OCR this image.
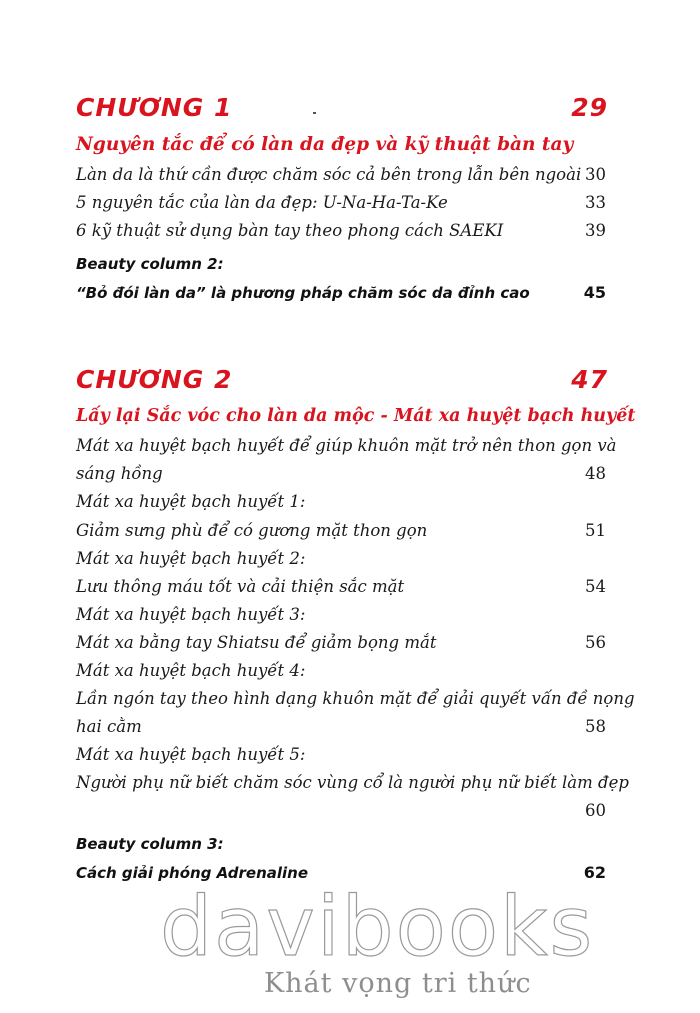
CHƯƠNG 1	29
Nguyên tắc để có làn da đẹp và kỹ thuật bàn tay
Làn da là thứ cần được chăm sóc cả bên trong lẫn bên ngoài 30
5 nguyên tắc của làn da đẹp: U-Na-Ha-Ta-Ke	33
6 kỹ thuật sử dụng bàn tay theo phong cách SAEKI	39
Beauty column 2:
“Bỏ đói làn da” là phương pháp chăm sóc da đỉnh cao	45
CHƯƠNG 2	47
Lấy lại Sắc vóc cho làn da mộc - Mát xa huyệt bạch huyết
Mát xa huyệt bạch huyết để giúp khuôn mặt trở nên thon gọn và
sáng hồng	48
Mát xa huyệt bạch huyết 1:
Giảm sưng phù để có gương mặt thon gọn	51
Mát xa huyệt bạch huyết 2:
Lưu thông máu tốt và cải thiện sắc mặt	54
Mát xa huyệt bạch huyết 3:
Mát xa bằng tay Shiatsu để giảm bọng mắt	56
Mát xa huyệt bạch huyết 4:
Lần ngón tay theo hình dạng khuôn mặt để giải quyết vấn đề nọng
hai cằm	58
Mát xa huyệt bạch huyết 5:
Người phụ nữ biết chăm sóc vùng cổ là người phụ nữ biết làm đẹp
60
Beauty column 3:
Cách giải phóng Adrenaline	62
davibooks
Khát vọng tri thức
